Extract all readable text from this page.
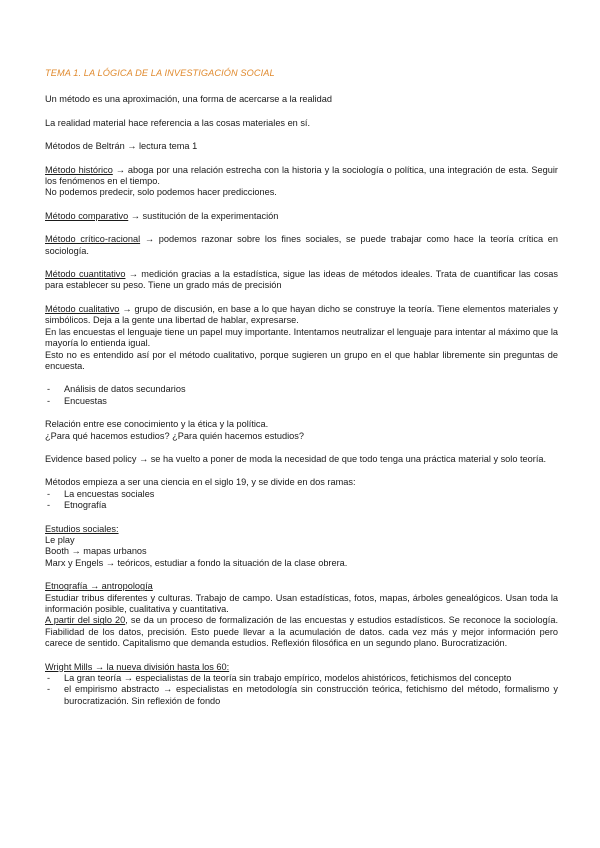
TEMA 1. LA LÓGICA DE LA INVESTIGACIÓN SOCIAL

Un método es una aproximación, una forma de acercarse a la realidad

La realidad material hace referencia a las cosas materiales en sí.

Métodos de Beltrán → lectura tema 1

Método histórico → aboga por una relación estrecha con la historia y la sociología o política, una integración de esta. Seguir los fenómenos en el tiempo.
No podemos predecir, solo podemos hacer predicciones.

Método comparativo → sustitución de la experimentación

Método crítico-racional → podemos razonar sobre los fines sociales, se puede trabajar como hace la teoría crítica en sociología.

Método cuantitativo → medición gracias a la estadística, sigue las ideas de métodos ideales. Trata de cuantificar las cosas para establecer su peso. Tiene un grado más de precisión

Método cualitativo → grupo de discusión, en base a lo que hayan dicho se construye la teoría. Tiene elementos materiales y simbólicos. Deja a la gente una libertad de hablar, expresarse.
En las encuestas el lenguaje tiene un papel muy importante. Intentamos neutralizar el lenguaje para intentar al máximo que la mayoría lo entienda igual.
Esto no es entendido así por el método cualitativo, porque sugieren un grupo en el que hablar libremente sin preguntas de encuesta.

- Análisis de datos secundarios
- Encuestas

Relación entre ese conocimiento y la ética y la política.
¿Para qué hacemos estudios? ¿Para quién hacemos estudios?

Evidence based policy → se ha vuelto a poner de moda la necesidad de que todo tenga una práctica material y solo teoría.

Métodos empieza a ser una ciencia en el siglo 19, y se divide en dos ramas:

- La encuestas sociales
- Etnografía

Estudios sociales:
Le play
Booth → mapas urbanos
Marx y Engels → teóricos, estudiar a fondo la situación de la clase obrera.

Etnografía → antropología
Estudiar tribus diferentes y culturas. Trabajo de campo. Usan estadísticas, fotos, mapas, árboles genealógicos. Usan toda la información posible, cualitativa y cuantitativa.
A partir del siglo 20, se da un proceso de formalización de las encuestas y estudios estadísticos. Se reconoce la sociología. Fiabilidad de los datos, precisión. Esto puede llevar a la acumulación de datos. cada vez más y mejor información pero carece de sentido. Capitalismo que demanda estudios. Reflexión filosófica en un segundo plano. Burocratización.

Wright Mills → la nueva división hasta los 60:

- La gran teoría → especialistas de la teoría sin trabajo empírico, modelos ahistóricos, fetichismos del concepto
- el empirismo abstracto → especialistas en metodología sin construcción teórica, fetichismo del método, formalismo y burocratización. Sin reflexión de fondo
